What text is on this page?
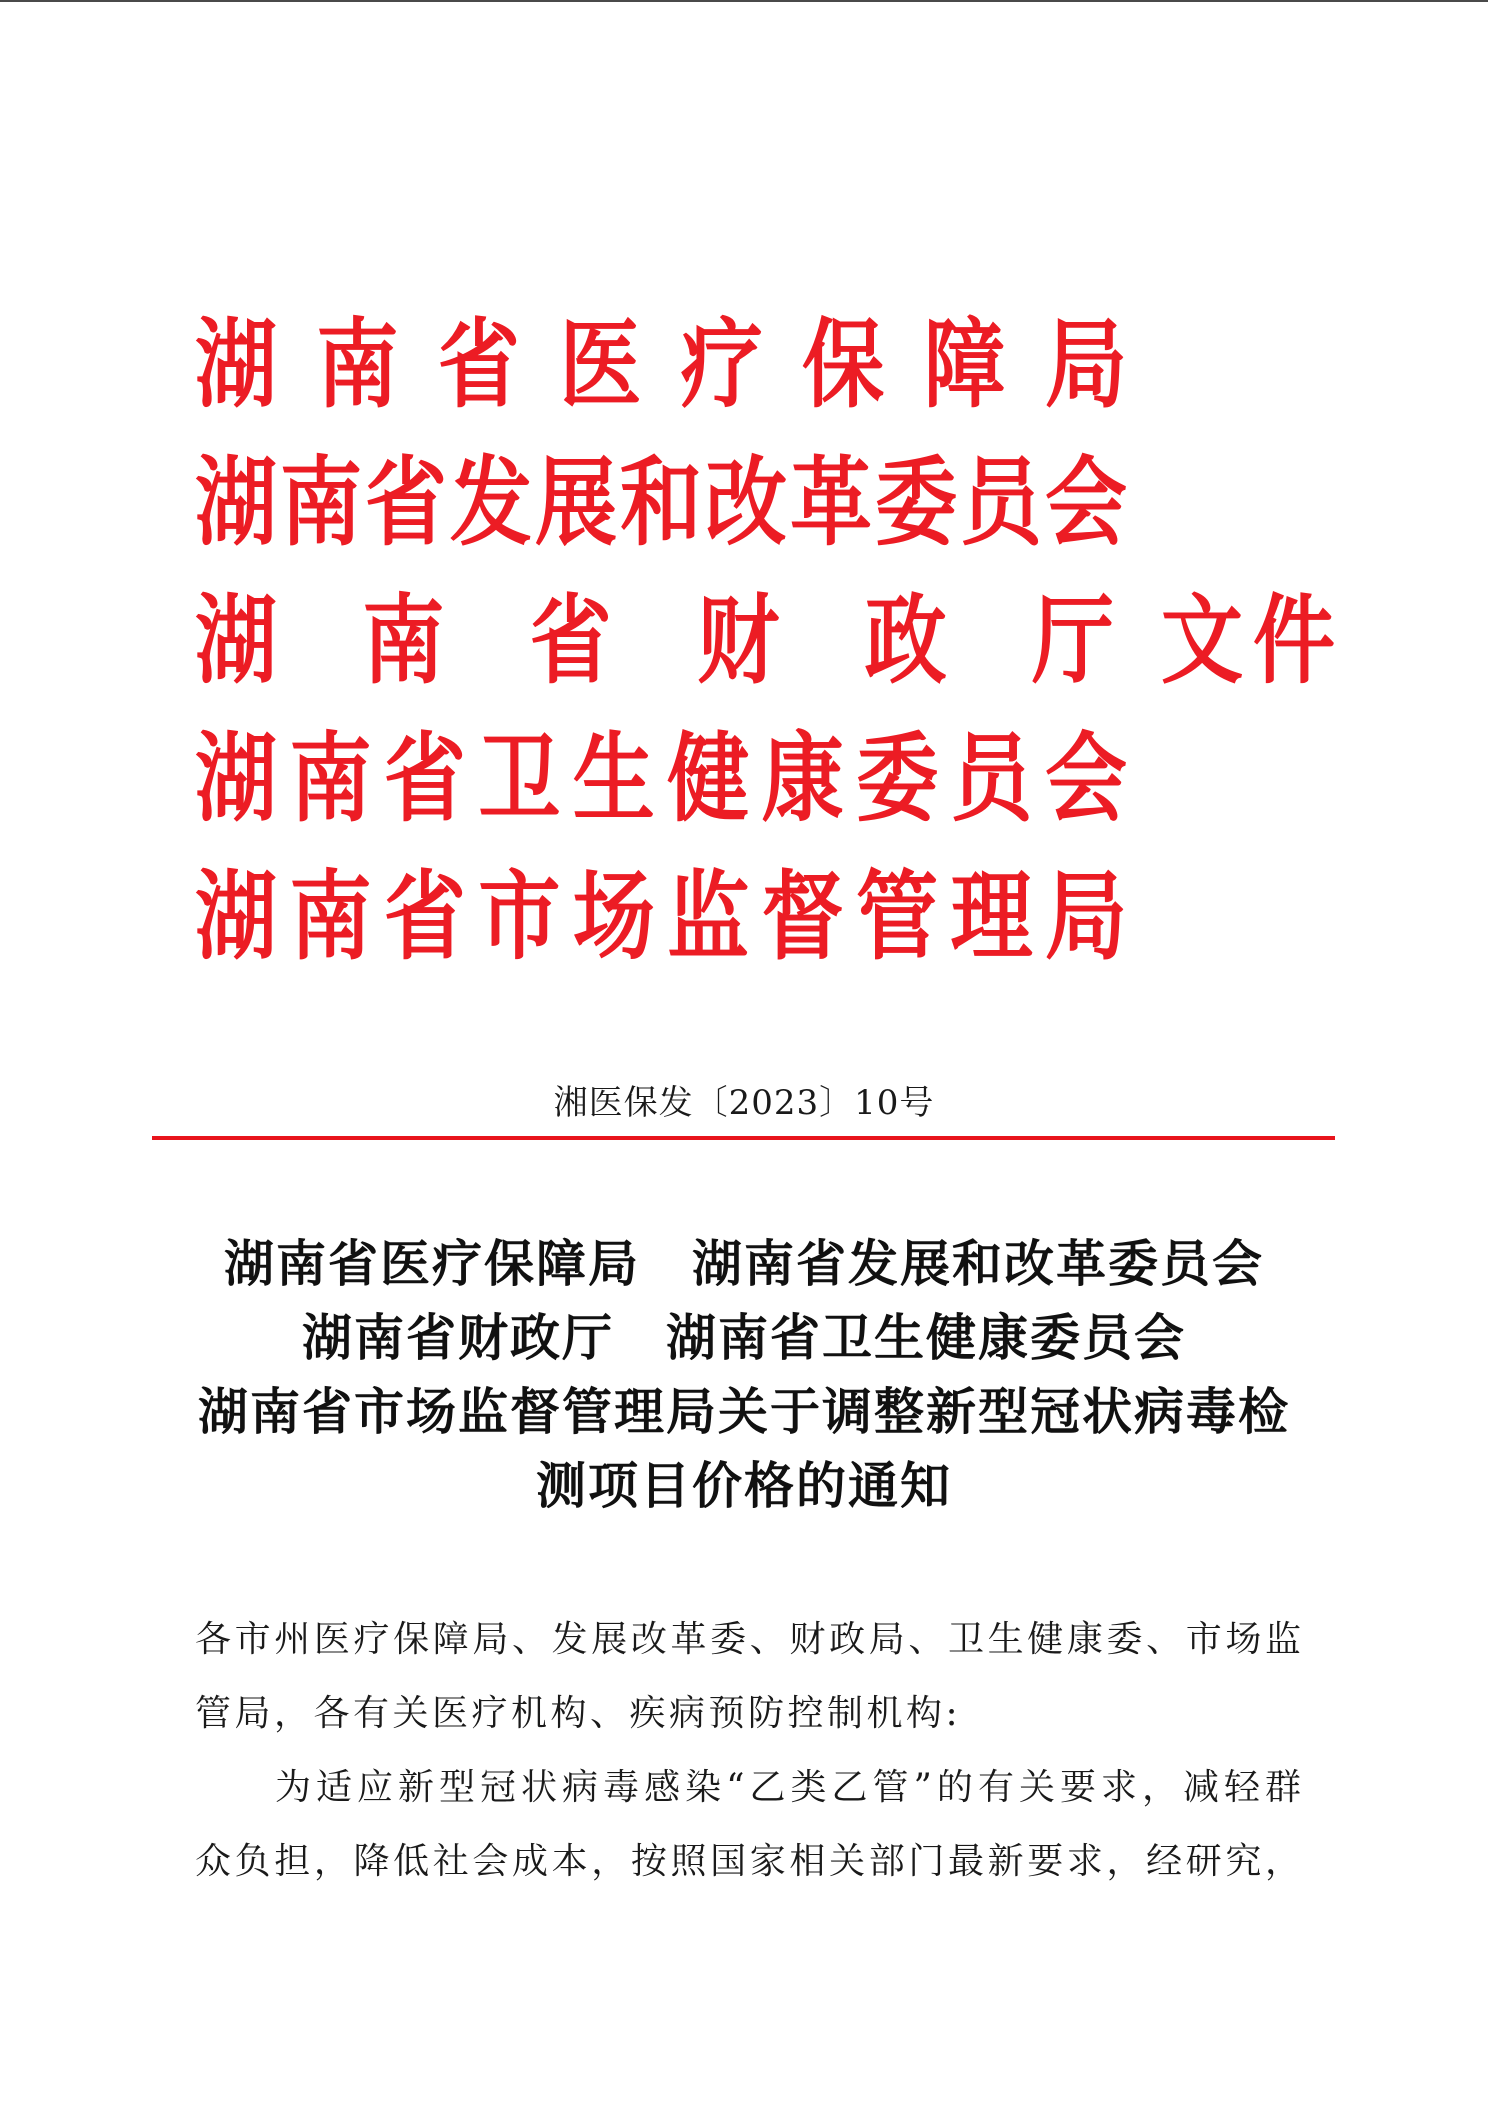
湖南省医疗保障局
湖南省发展和改革委员会
湖南省财政厅 文件
湖南省卫生健康委员会
湖南省市场监督管理局
湘医保发〔2023〕10号
湖南省医疗保障局　湖南省发展和改革委员会
湖南省财政厅　湖南省卫生健康委员会
湖南省市场监督管理局关于调整新型冠状病毒检
测项目价格的通知
各市州医疗保障局、发展改革委、财政局、卫生健康委、市场监
管局，各有关医疗机构、疾病预防控制机构:
为适应新型冠状病毒感染“乙类乙管”的有关要求，减轻群
众负担，降低社会成本，按照国家相关部门最新要求，经研究，
